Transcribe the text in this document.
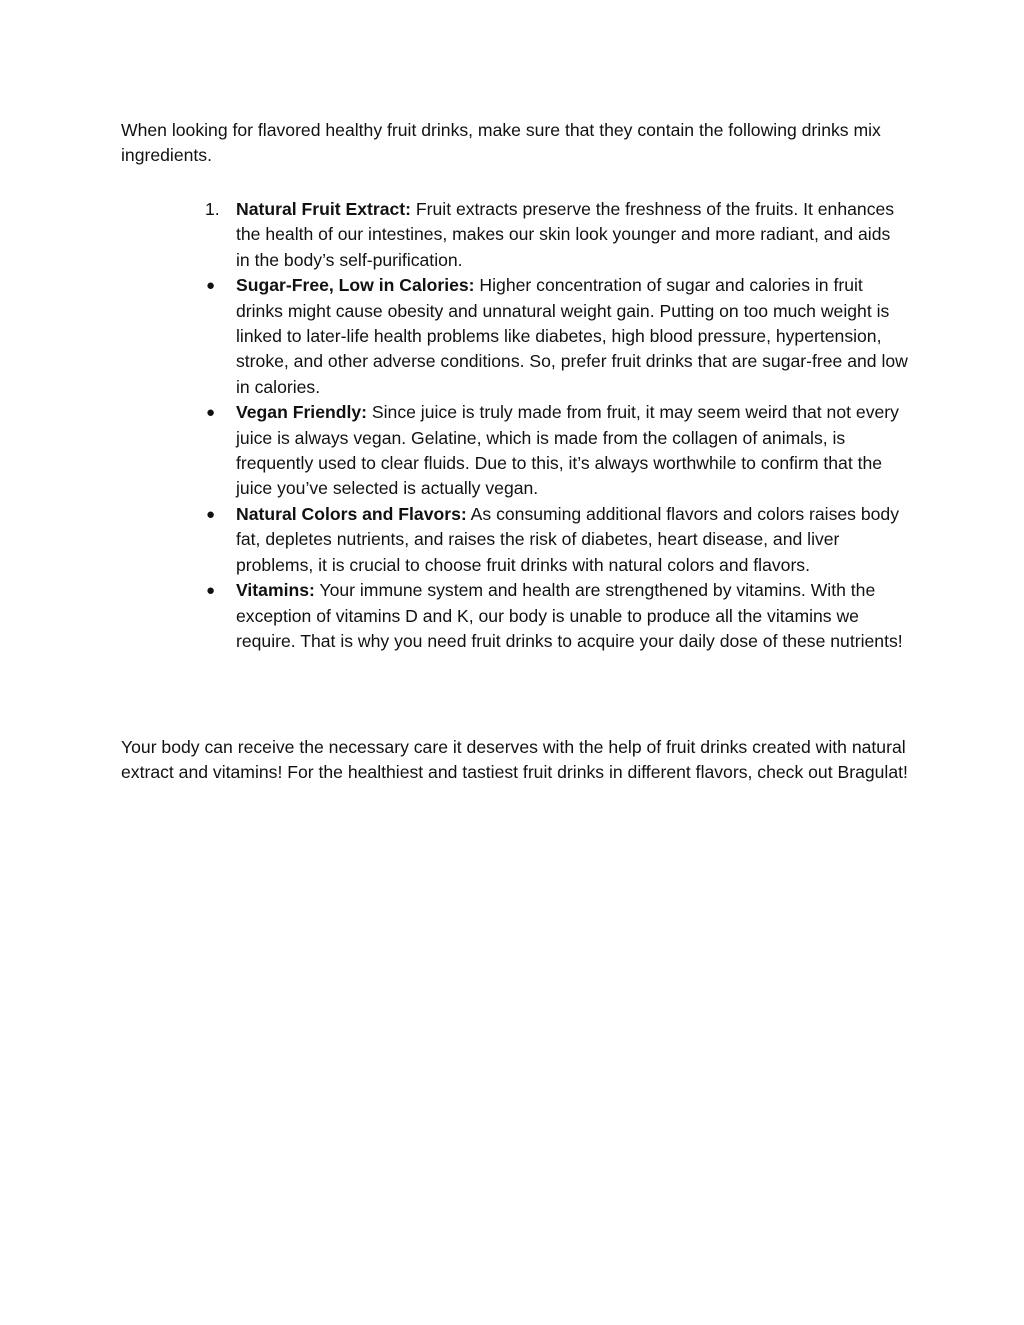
When looking for flavored healthy fruit drinks, make sure that they contain the following drinks mix ingredients.

1. Natural Fruit Extract: Fruit extracts preserve the freshness of the fruits. It enhances the health of our intestines, makes our skin look younger and more radiant, and aids in the body’s self-purification.
● Sugar-Free, Low in Calories: Higher concentration of sugar and calories in fruit drinks might cause obesity and unnatural weight gain. Putting on too much weight is linked to later-life health problems like diabetes, high blood pressure, hypertension, stroke, and other adverse conditions. So, prefer fruit drinks that are sugar-free and low in calories.
● Vegan Friendly: Since juice is truly made from fruit, it may seem weird that not every juice is always vegan. Gelatine, which is made from the collagen of animals, is frequently used to clear fluids. Due to this, it’s always worthwhile to confirm that the juice you’ve selected is actually vegan.
● Natural Colors and Flavors: As consuming additional flavors and colors raises body fat, depletes nutrients, and raises the risk of diabetes, heart disease, and liver problems, it is crucial to choose fruit drinks with natural colors and flavors.
● Vitamins: Your immune system and health are strengthened by vitamins. With the exception of vitamins D and K, our body is unable to produce all the vitamins we require. That is why you need fruit drinks to acquire your daily dose of these nutrients!

Your body can receive the necessary care it deserves with the help of fruit drinks created with natural extract and vitamins! For the healthiest and tastiest fruit drinks in different flavors, check out Bragulat!
